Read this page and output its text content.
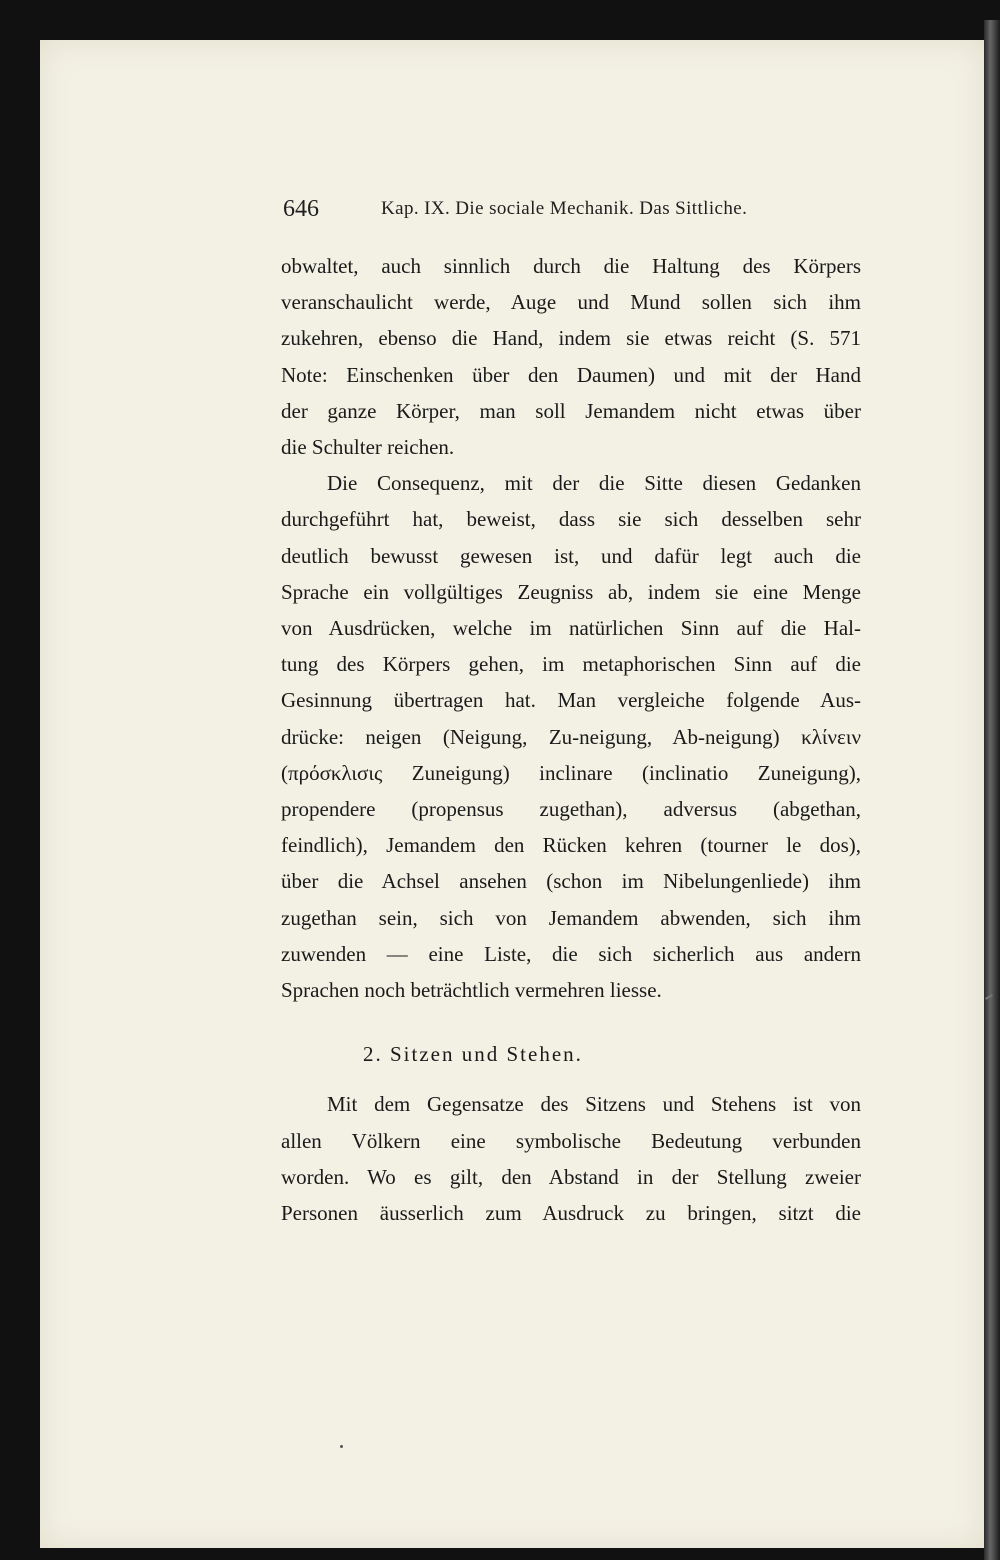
646	Kap. IX. Die sociale Mechanik. Das Sittliche.
obwaltet, auch sinnlich durch die Haltung des Körpers
veranschaulicht werde, Auge und Mund sollen sich ihm
zukehren, ebenso die Hand, indem sie etwas reicht (S. 571
Note: Einschenken über den Daumen) und mit der Hand
der ganze Körper, man soll Jemandem nicht etwas über
die Schulter reichen.
Die Consequenz, mit der die Sitte diesen Gedanken
durchgeführt hat, beweist, dass sie sich desselben sehr
deutlich bewusst gewesen ist, und dafür legt auch die
Sprache ein vollgültiges Zeugniss ab, indem sie eine Menge
von Ausdrücken, welche im natürlichen Sinn auf die Hal-
tung des Körpers gehen, im metaphorischen Sinn auf die
Gesinnung übertragen hat. Man vergleiche folgende Aus-
drücke: neigen (Neigung, Zu-neigung, Ab-neigung) κλίνειν
(πρόσκλισις Zuneigung) inclinare (inclinatio Zuneigung),
propendere (propensus zugethan), adversus (abgethan,
feindlich), Jemandem den Rücken kehren (tourner le dos),
über die Achsel ansehen (schon im Nibelungenliede) ihm
zugethan sein, sich von Jemandem abwenden, sich ihm
zuwenden — eine Liste, die sich sicherlich aus andern
Sprachen noch beträchtlich vermehren liesse.
2. Sitzen und Stehen.
Mit dem Gegensatze des Sitzens und Stehens ist von
allen Völkern eine symbolische Bedeutung verbunden
worden. Wo es gilt, den Abstand in der Stellung zweier
Personen äusserlich zum Ausdruck zu bringen, sitzt die
